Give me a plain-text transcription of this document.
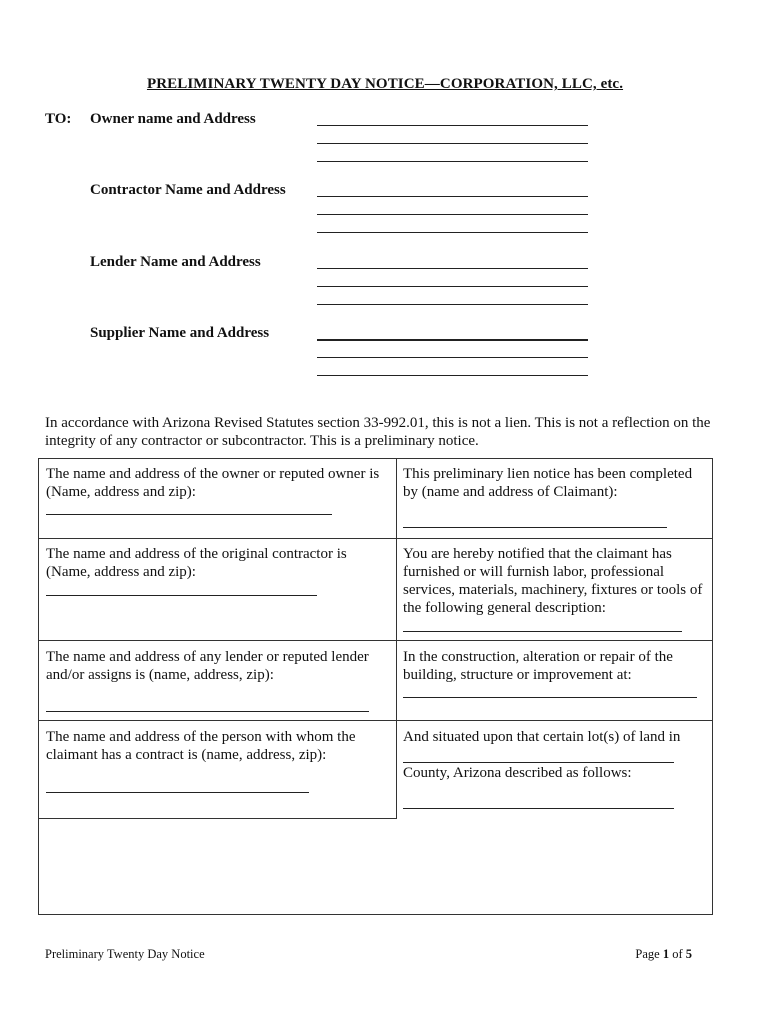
PRELIMINARY TWENTY DAY NOTICE—CORPORATION, LLC, etc.
TO: Owner name and Address
Contractor Name and Address
Lender Name and Address
Supplier Name and Address
In accordance with Arizona Revised Statutes section 33-992.01, this is not a lien. This is not a reflection on the integrity of any contractor or subcontractor. This is a preliminary notice.
The name and address of the owner or reputed owner is (Name, address and zip):
The name and address of the original contractor is (Name, address and zip):
The name and address of any lender or reputed lender and/or assigns is (name, address, zip):
The name and address of the person with whom the claimant has a contract is (name, address, zip):
This preliminary lien notice has been completed by (name and address of Claimant):
You are hereby notified that the claimant has furnished or will furnish labor, professional services, materials, machinery, fixtures or tools of the following general description:
In the construction, alteration or repair of the building, structure or improvement at:
And situated upon that certain lot(s) of land in
County, Arizona described as follows:
Preliminary Twenty Day Notice	Page 1 of 5
